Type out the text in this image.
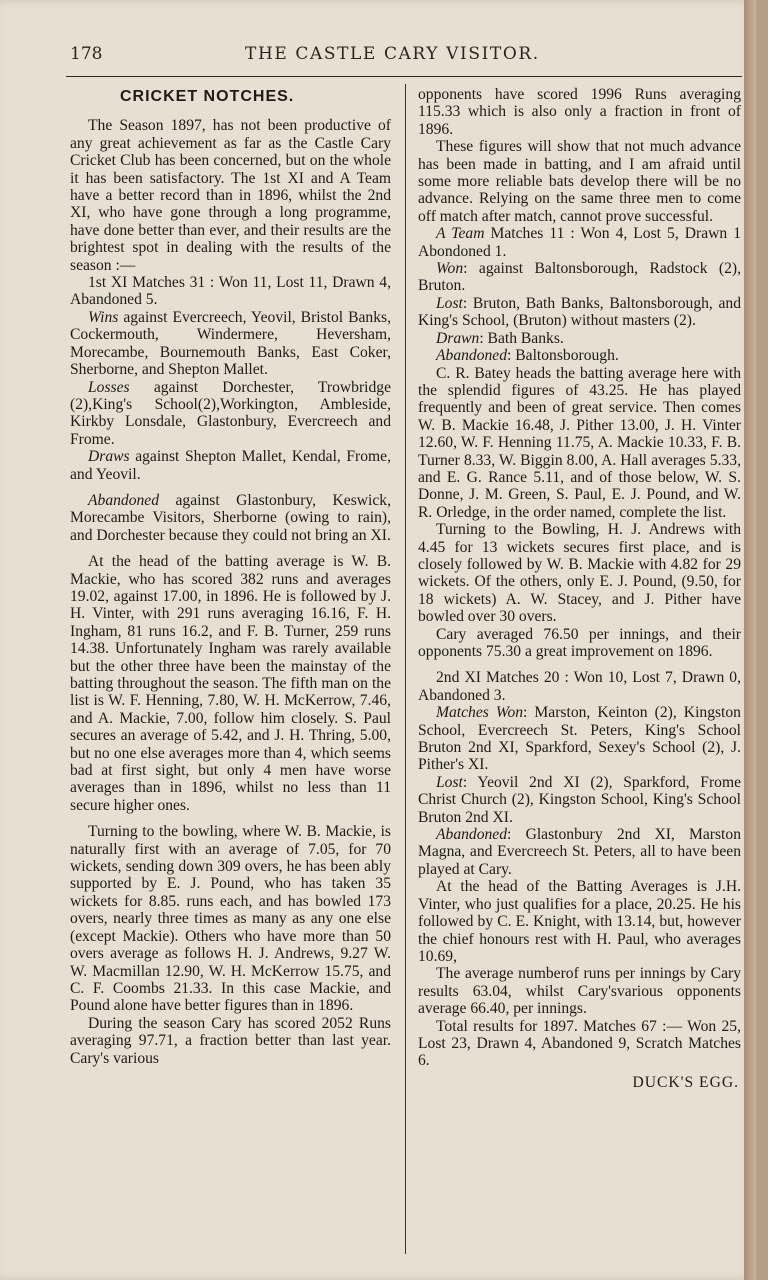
178	THE CASTLE CARY VISITOR.
CRICKET NOTCHES.

The Season 1897, has not been productive of any great achievement as far as the Castle Cary Cricket Club has been concerned, but on the whole it has been satisfactory. The 1st XI and A Team have a better record than in 1896, whilst the 2nd XI, who have gone through a long programme, have done better than ever, and their results are the brightest spot in dealing with the results of the season :—

1st XI Matches 31 : Won 11, Lost 11, Drawn 4, Abandoned 5.

Wins against Evercreech, Yeovil, Bristol Banks, Cockermouth, Windermere, Heversham, Morecambe, Bournemouth Banks, East Coker, Sherborne, and Shepton Mallet.

Losses against Dorchester, Trowbridge (2),King's School(2),Workington, Ambleside, Kirkby Lonsdale, Glastonbury, Evercreech and Frome.

Draws against Shepton Mallet, Kendal, Frome, and Yeovil.

Abandoned against Glastonbury, Keswick, Morecambe Visitors, Sherborne (owing to rain), and Dorchester because they could not bring an XI.

At the head of the batting average is W. B. Mackie, who has scored 382 runs and averages 19.02, against 17.00, in 1896. He is followed by J. H. Vinter, with 291 runs averaging 16.16, F. H. Ingham, 81 runs 16.2, and F. B. Turner, 259 runs 14.38. Unfortunately Ingham was rarely available but the other three have been the mainstay of the batting throughout the season. The fifth man on the list is W. F. Henning, 7.80, W. H. McKerrow, 7.46, and A. Mackie, 7.00, follow him closely. S. Paul secures an average of 5.42, and J. H. Thring, 5.00, but no one else averages more than 4, which seems bad at first sight, but only 4 men have worse averages than in 1896, whilst no less than 11 secure higher ones.

Turning to the bowling, where W. B. Mackie, is naturally first with an average of 7.05, for 70 wickets, sending down 309 overs, he has been ably supported by E. J. Pound, who has taken 35 wickets for 8.85. runs each, and has bowled 173 overs, nearly three times as many as any one else (except Mackie). Others who have more than 50 overs average as follows H. J. Andrews, 9.27 W. W. Macmillan 12.90, W. H. McKerrow 15.75, and C. F. Coombs 21.33. In this case Mackie, and Pound alone have better figures than in 1896.

During the season Cary has scored 2052 Runs averaging 97.71, a fraction better than last year. Cary's various

opponents have scored 1996 Runs averaging 115.33 which is also only a fraction in front of 1896.

These figures will show that not much advance has been made in batting, and I am afraid until some more reliable bats develop there will be no advance. Relying on the same three men to come off match after match, cannot prove successful.

A Team Matches 11 : Won 4, Lost 5, Drawn 1 Abondoned 1.

Won: against Baltonsborough, Radstock (2), Bruton.

Lost: Bruton, Bath Banks, Baltonsborough, and King's School, (Bruton) without masters (2).

Drawn: Bath Banks.

Abandoned: Baltonsborough.

C. R. Batey heads the batting average here with the splendid figures of 43.25. He has played frequently and been of great service. Then comes W. B. Mackie 16.48, J. Pither 13.00, J. H. Vinter 12.60, W. F. Henning 11.75, A. Mackie 10.33, F. B. Turner 8.33, W. Biggin 8.00, A. Hall averages 5.33, and E. G. Rance 5.11, and of those below, W. S. Donne, J. M. Green, S. Paul, E. J. Pound, and W. R. Orledge, in the order named, complete the list.

Turning to the Bowling, H. J. Andrews with 4.45 for 13 wickets secures first place, and is closely followed by W. B. Mackie with 4.82 for 29 wickets. Of the others, only E. J. Pound, (9.50, for 18 wickets) A. W. Stacey, and J. Pither have bowled over 30 overs.

Cary averaged 76.50 per innings, and their opponents 75.30 a great improvement on 1896.

2nd XI Matches 20 : Won 10, Lost 7, Drawn 0, Abandoned 3.

Matches Won: Marston, Keinton (2), Kingston School, Evercreech St. Peters, King's School Bruton 2nd XI, Sparkford, Sexey's School (2), J. Pither's XI.

Lost: Yeovil 2nd XI (2), Sparkford, Frome Christ Church (2), Kingston School, King's School Bruton 2nd XI.

Abandoned: Glastonbury 2nd XI, Marston Magna, and Evercreech St. Peters, all to have been played at Cary.

At the head of the Batting Averages is J.H. Vinter, who just qualifies for a place, 20.25. He his followed by C. E. Knight, with 13.14, but, however the chief honours rest with H. Paul, who averages 10.69,

The average numberof runs per innings by Cary results 63.04, whilst Cary'svarious opponents average 66.40, per innings.

Total results for 1897. Matches 67 :— Won 25, Lost 23, Drawn 4, Abandoned 9, Scratch Matches 6.

DUCK'S EGG.
